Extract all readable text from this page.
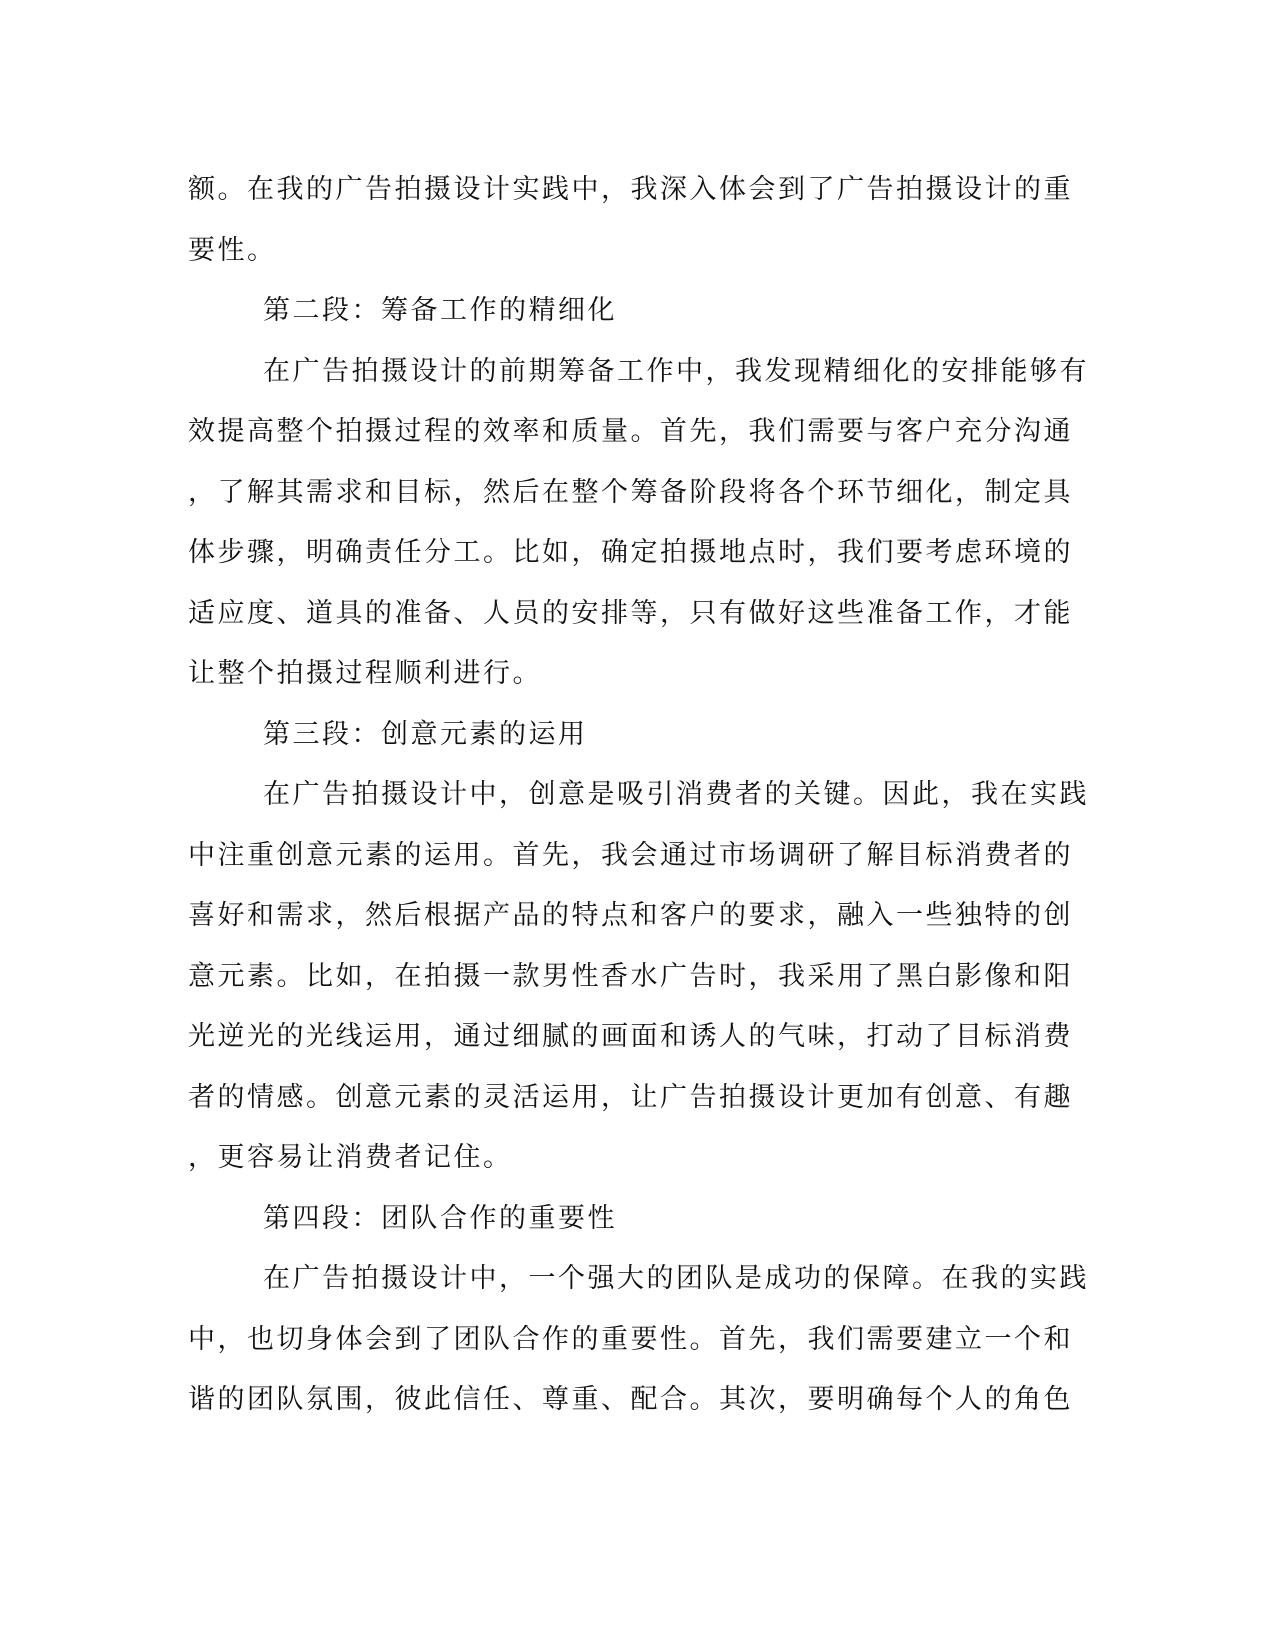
额。在我的广告拍摄设计实践中，我深入体会到了广告拍摄设计的重
要性。
第二段：筹备工作的精细化
在广告拍摄设计的前期筹备工作中，我发现精细化的安排能够有
效提高整个拍摄过程的效率和质量。首先，我们需要与客户充分沟通
，了解其需求和目标，然后在整个筹备阶段将各个环节细化，制定具
体步骤，明确责任分工。比如，确定拍摄地点时，我们要考虑环境的
适应度、道具的准备、人员的安排等，只有做好这些准备工作，才能
让整个拍摄过程顺利进行。
第三段：创意元素的运用
在广告拍摄设计中，创意是吸引消费者的关键。因此，我在实践
中注重创意元素的运用。首先，我会通过市场调研了解目标消费者的
喜好和需求，然后根据产品的特点和客户的要求，融入一些独特的创
意元素。比如，在拍摄一款男性香水广告时，我采用了黑白影像和阳
光逆光的光线运用，通过细腻的画面和诱人的气味，打动了目标消费
者的情感。创意元素的灵活运用，让广告拍摄设计更加有创意、有趣
，更容易让消费者记住。
第四段：团队合作的重要性
在广告拍摄设计中，一个强大的团队是成功的保障。在我的实践
中，也切身体会到了团队合作的重要性。首先，我们需要建立一个和
谐的团队氛围，彼此信任、尊重、配合。其次，要明确每个人的角色
